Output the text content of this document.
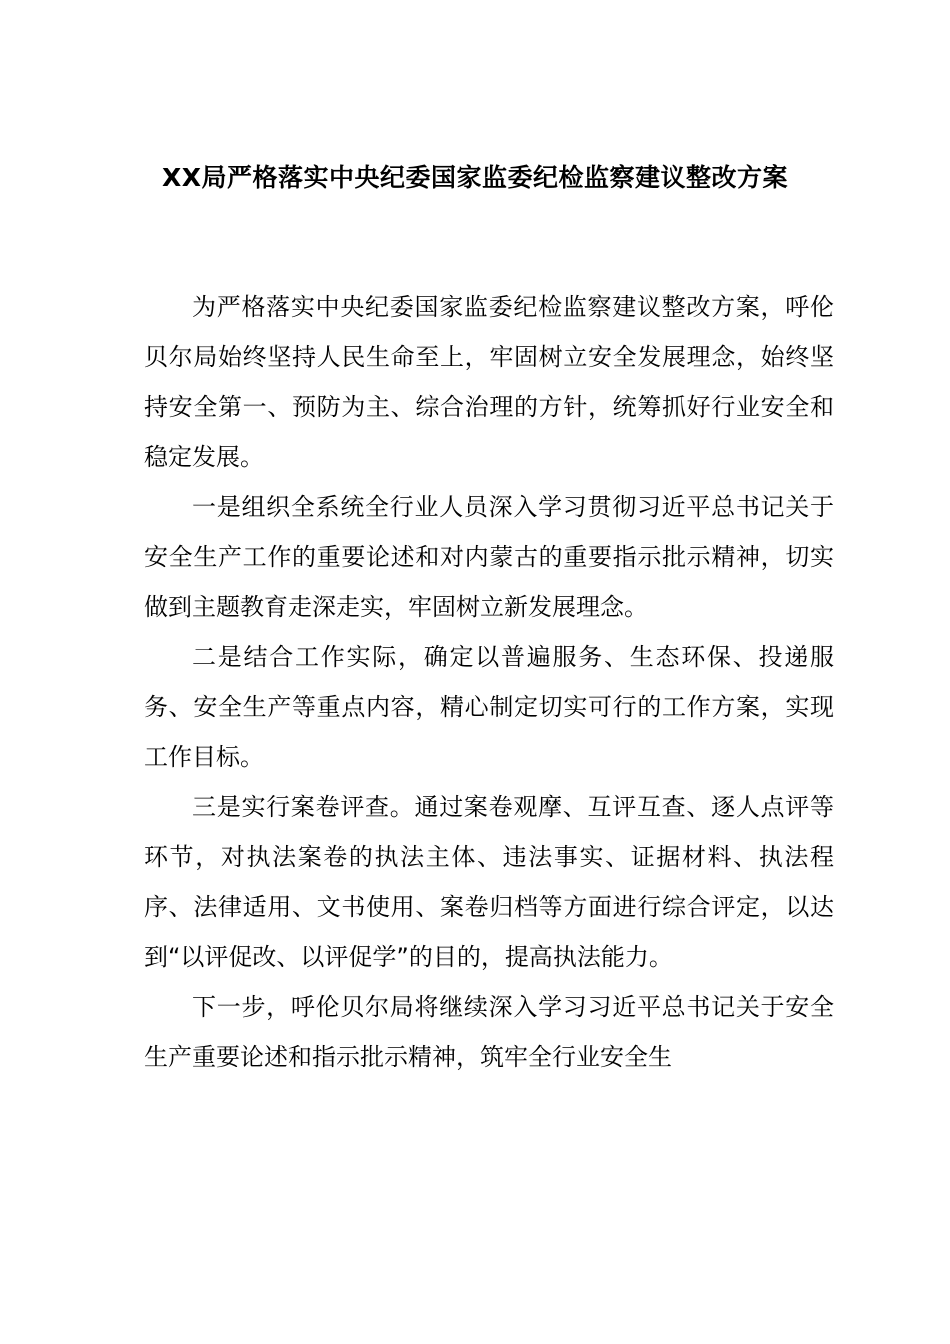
XX局严格落实中央纪委国家监委纪检监察建议整改方案

为严格落实中央纪委国家监委纪检监察建议整改方案，呼伦贝尔局始终坚持人民生命至上，牢固树立安全发展理念，始终坚持安全第一、预防为主、综合治理的方针，统筹抓好行业安全和稳定发展。

一是组织全系统全行业人员深入学习贯彻习近平总书记关于安全生产工作的重要论述和对内蒙古的重要指示批示精神，切实做到主题教育走深走实，牢固树立新发展理念。

二是结合工作实际，确定以普遍服务、生态环保、投递服务、安全生产等重点内容，精心制定切实可行的工作方案，实现工作目标。

三是实行案卷评查。通过案卷观摩、互评互查、逐人点评等环节，对执法案卷的执法主体、违法事实、证据材料、执法程序、法律适用、文书使用、案卷归档等方面进行综合评定，以达到“以评促改、以评促学”的目的，提高执法能力。

下一步，呼伦贝尔局将继续深入学习习近平总书记关于安全生产重要论述和指示批示精神，筑牢全行业安全生
